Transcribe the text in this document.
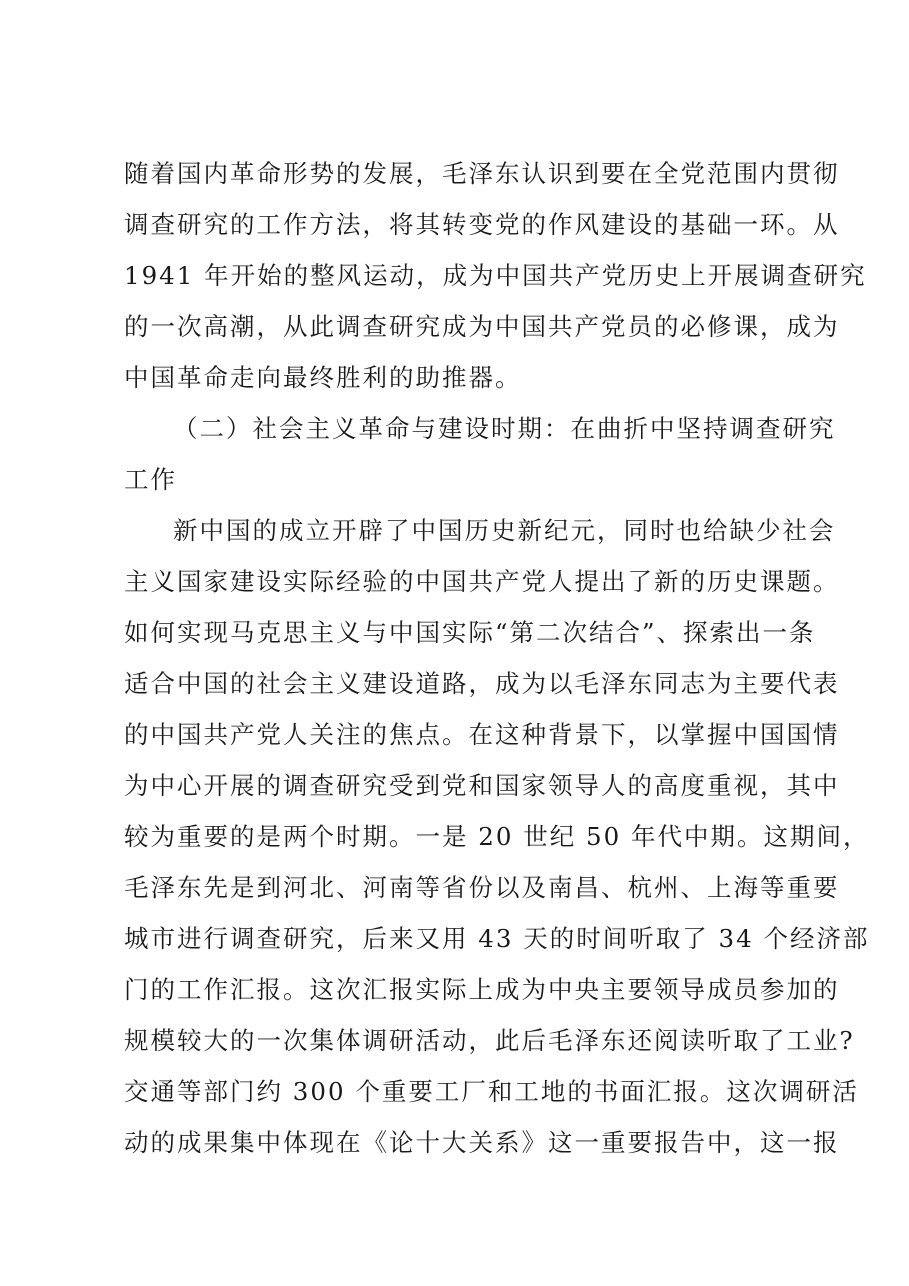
随着国内革命形势的发展，毛泽东认识到要在全党范围内贯彻
调查研究的工作方法，将其转变党的作风建设的基础一环。从
1941 年开始的整风运动，成为中国共产党历史上开展调查研究
的一次高潮，从此调查研究成为中国共产党员的必修课，成为
中国革命走向最终胜利的助推器。
（二）社会主义革命与建设时期：在曲折中坚持调查研究
工作
新中国的成立开辟了中国历史新纪元，同时也给缺少社会
主义国家建设实际经验的中国共产党人提出了新的历史课题。
如何实现马克思主义与中国实际“第二次结合”、探索出一条
适合中国的社会主义建设道路，成为以毛泽东同志为主要代表
的中国共产党人关注的焦点。在这种背景下，以掌握中国国情
为中心开展的调查研究受到党和国家领导人的高度重视，其中
较为重要的是两个时期。一是 20 世纪 50 年代中期。这期间，
毛泽东先是到河北、河南等省份以及南昌、杭州、上海等重要
城市进行调查研究，后来又用 43 天的时间听取了 34 个经济部
门的工作汇报。这次汇报实际上成为中央主要领导成员参加的
规模较大的一次集体调研活动，此后毛泽东还阅读听取了工业?
交通等部门约 300 个重要工厂和工地的书面汇报。这次调研活
动的成果集中体现在《论十大关系》这一重要报告中，这一报
